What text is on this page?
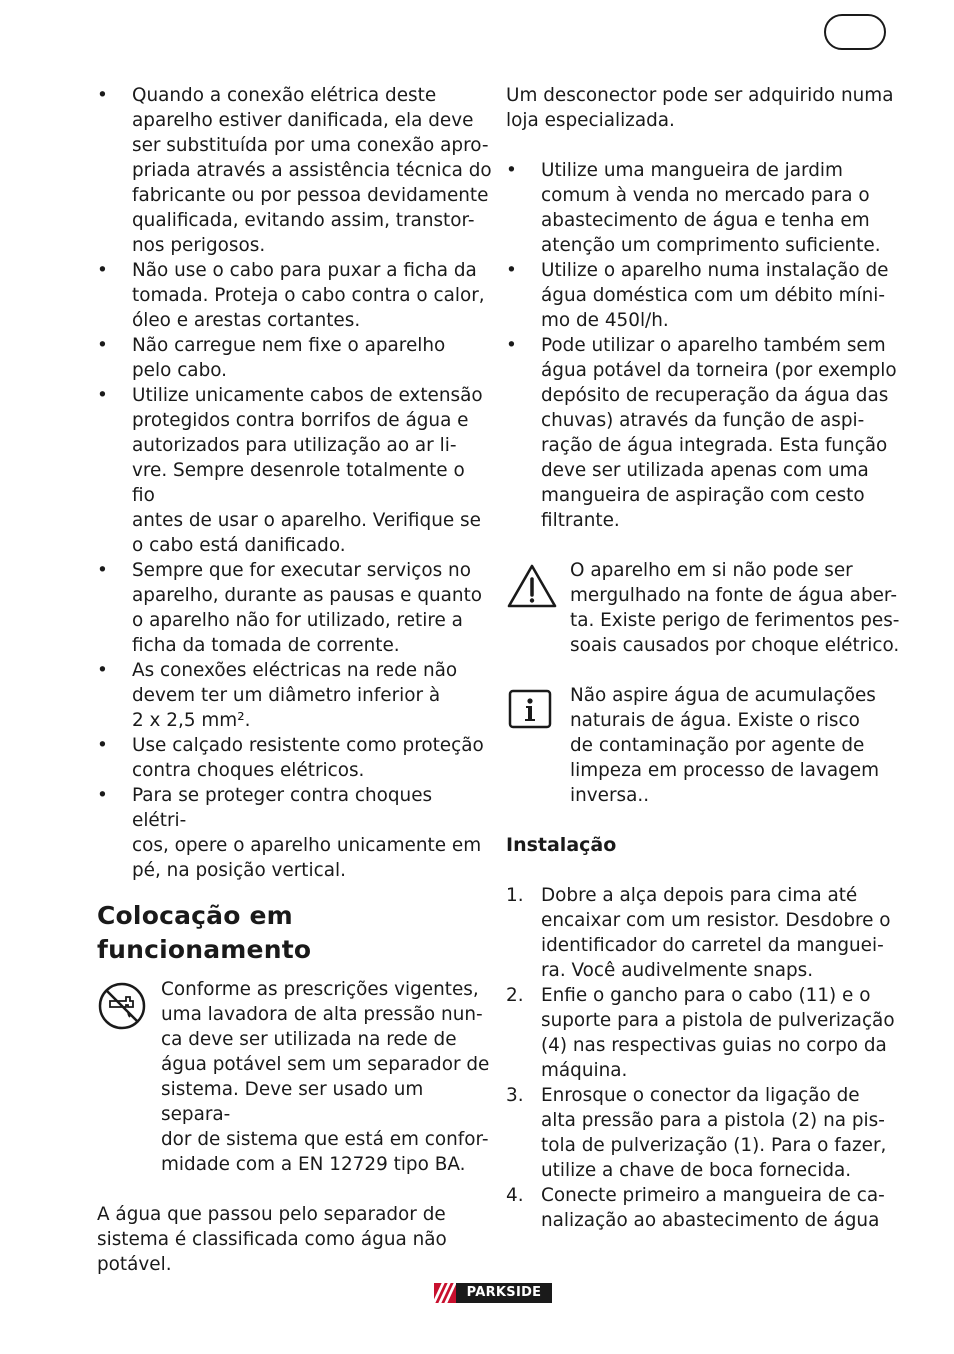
• Quando a conexão elétrica deste
aparelho estiver danificada, ela deve
ser substituída por uma conexão apro-
priada através a assistência técnica do
fabricante ou por pessoa devidamente
qualificada, evitando assim, transtor-
nos perigosos.
• Não use o cabo para puxar a ficha da
tomada. Proteja o cabo contra o calor,
óleo e arestas cortantes.
• Não carregue nem fixe o aparelho
pelo cabo.
• Utilize unicamente cabos de extensão
protegidos contra borrifos de água e
autorizados para utilização ao ar li-
vre. Sempre desenrole totalmente o fio
antes de usar o aparelho. Verifique se
o cabo está danificado.
• Sempre que for executar serviços no
aparelho, durante as pausas e quanto
o aparelho não for utilizado, retire a
ficha da tomada de corrente.
• As conexões eléctricas na rede não
devem ter um diâmetro inferior à
2 x 2,5 mm².
• Use calçado resistente como proteção
contra choques elétricos.
• Para se proteger contra choques elétri-
cos, opere o aparelho unicamente em
pé, na posição vertical.
Colocação em
funcionamento

Conforme as prescrições vigentes,
uma lavadora de alta pressão nun-
ca deve ser utilizada na rede de
água potável sem um separador de
sistema. Deve ser usado um separa-
dor de sistema que está em confor-
midade com a EN 12729 tipo BA.

A água que passou pelo separador de
sistema é classificada como água não
potável.

Um desconector pode ser adquirido numa
loja especializada.

• Utilize uma mangueira de jardim
comum à venda no mercado para o
abastecimento de água e tenha em
atenção um comprimento suficiente.
• Utilize o aparelho numa instalação de
água doméstica com um débito míni-
mo de 450l/h.
• Pode utilizar o aparelho também sem
água potável da torneira (por exemplo
depósito de recuperação da água das
chuvas) através da função de aspi-
ração de água integrada. Esta função
deve ser utilizada apenas com uma
mangueira de aspiração com cesto
filtrante.

O aparelho em si não pode ser
mergulhado na fonte de água aber-
ta. Existe perigo de ferimentos pes-
soais causados por choque elétrico.

Não aspire água de acumulações
naturais de água. Existe o risco
de contaminação por agente de
limpeza em processo de lavagem
inversa..

Instalação
1. Dobre a alça depois para cima até
encaixar com um resistor. Desdobre o
identificador do carretel da manguei-
ra. Você audivelmente snaps.
2. Enfie o gancho para o cabo (11) e o
suporte para a pistola de pulverização
(4) nas respectivas guias no corpo da
máquina.
3. Enrosque o conector da ligação de
alta pressão para a pistola (2) na pis-
tola de pulverização (1). Para o fazer,
utilize a chave de boca fornecida.
4. Conecte primeiro a mangueira de ca-
nalização ao abastecimento de água
PARKSIDE
